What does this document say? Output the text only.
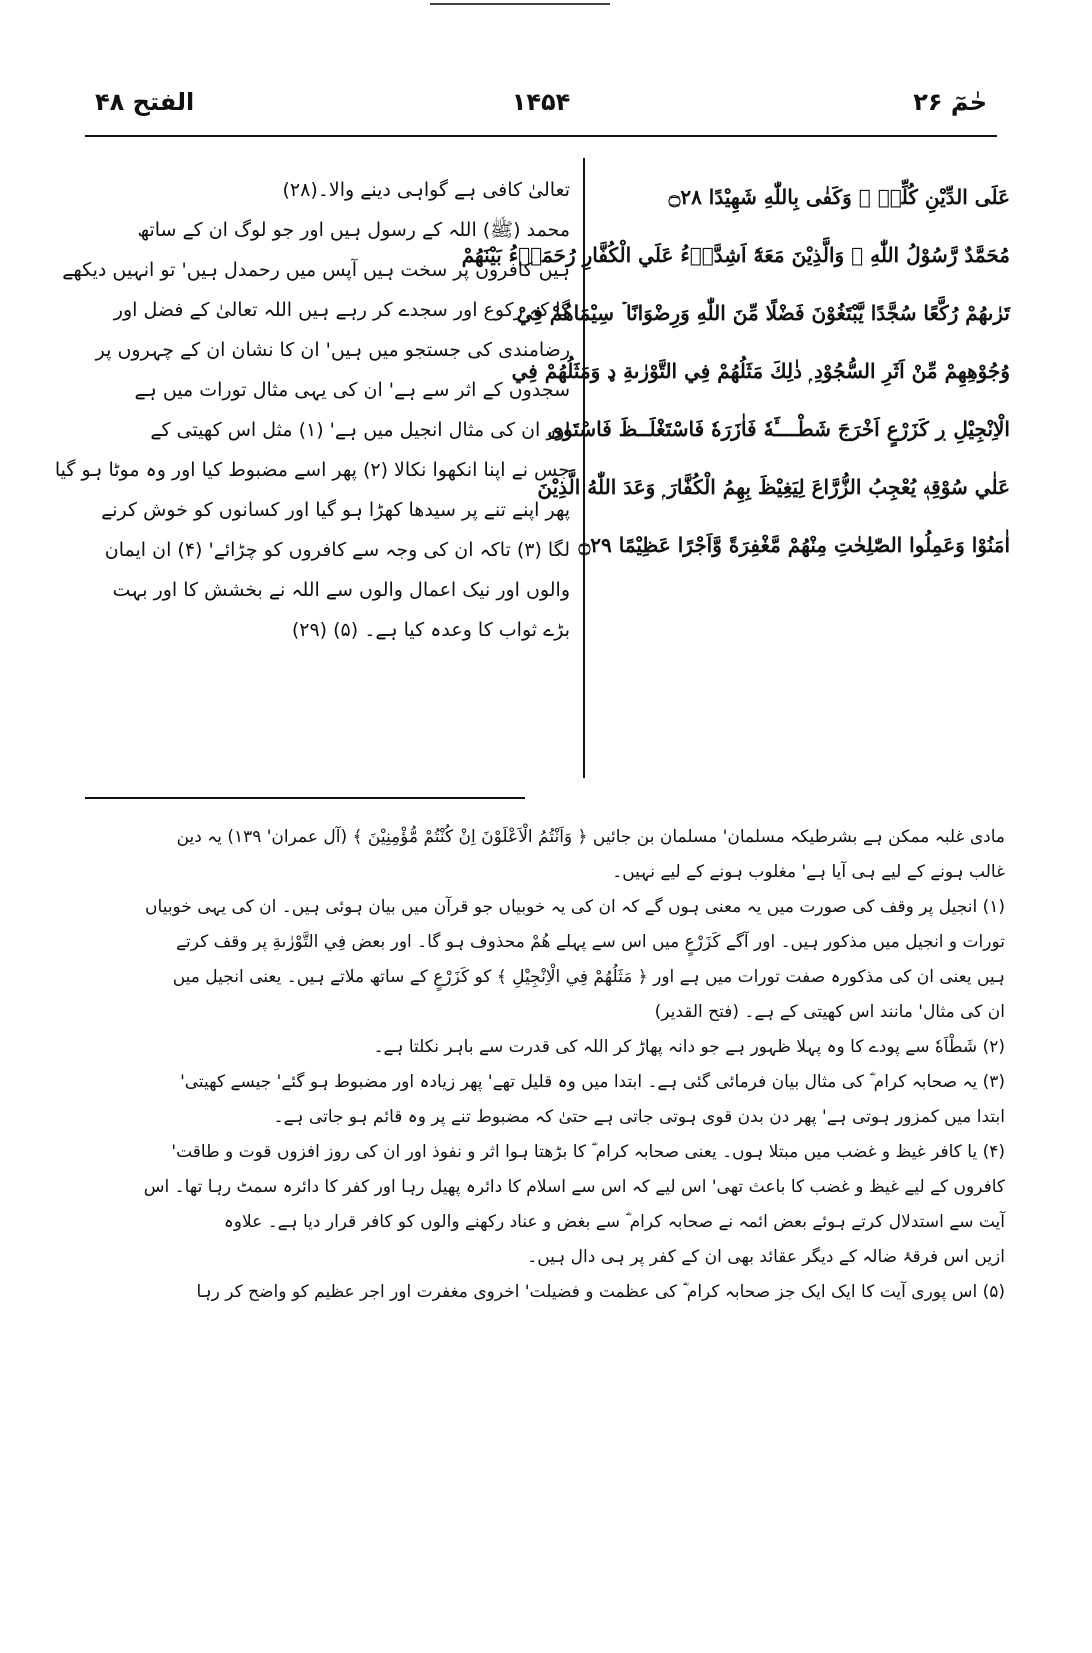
الفتح ۴۸	۱۴۵۴	حٰمٓ ۲۶
عَلَى الدِّيْنِ كُلِّهٖ ۭ وَكَفٰى بِاللّٰهِ شَهِيْدًا ۝۲۸
مُحَمَّدٌ رَّسُوْلُ اللّٰهِ ۭ وَالَّذِيْنَ مَعَهٗٓ اَشِدَّاۗءُ عَلَي الْكُفَّارِ رُحَمَاۗءُ بَيْنَهُمْ
تَرٰىهُمْ رُكَّعًا سُجَّدًا يَّبْتَغُوْنَ فَضْلًا مِّنَ اللّٰهِ وَرِضْوَانًا ۡ سِيْمَاهُمْ فِيْ
وُجُوْهِهِمْ مِّنْ اَثَرِ السُّجُوْدِ ۭ ذٰلِكَ مَثَلُهُمْ فِي التَّوْرٰىةِ ډ وَمَثَلُهُمْ فِي
الْاِنْجِيْلِ ڔ كَزَرْعٍ اَخْرَجَ شَطْــــَٔهٗ فَاٰزَرَهٗ فَاسْتَغْلَــظَ فَاسْتَوٰى
عَلٰي سُوْقِهٖ يُعْجِبُ الزُّرَّاعَ لِيَغِيْظَ بِهِمُ الْكُفَّارَ ۭ وَعَدَ اللّٰهُ الَّذِيْنَ
اٰمَنُوْا وَعَمِلُوا الصّٰلِحٰتِ مِنْهُمْ مَّغْفِرَةً وَّاَجْرًا عَظِيْمًا ۝۲۹
تعالیٰ کافی ہے گواہی دینے والا۔(۲۸)
محمد (ﷺ) اللہ کے رسول ہیں اور جو لوگ ان کے ساتھ
ہیں کافروں پر سخت ہیں آپس میں رحمدل ہیں' تو انہیں دیکھے
گا کہ رکوع اور سجدے کر رہے ہیں اللہ تعالیٰ کے فضل اور
رضامندی کی جستجو میں ہیں' ان کا نشان ان کے چہروں پر
سجدوں کے اثر سے ہے' ان کی یہی مثال تورات میں ہے
اور ان کی مثال انجیل میں ہے' (۱) مثل اس کھیتی کے
جس نے اپنا انکھوا نکالا (۲) پھر اسے مضبوط کیا اور وہ موٹا ہو گیا
پھر اپنے تنے پر سیدھا کھڑا ہو گیا اور کسانوں کو خوش کرنے
لگا (۳) تاکہ ان کی وجہ سے کافروں کو چڑائے' (۴) ان ایمان
والوں اور نیک اعمال والوں سے اللہ نے بخشش کا اور بہت
بڑے ثواب کا وعدہ کیا ہے۔ (۵) (۲۹)
مادی غلبہ ممکن ہے بشرطیکہ مسلمان' مسلمان بن جائیں ﴿ وَاَنْتُمُ الْاَعْلَوْنَ اِنْ كُنْتُمْ مُّؤْمِنِيْنَ ﴾ (آل عمران' ۱۳۹) یہ دین
غالب ہونے کے لیے ہی آیا ہے' مغلوب ہونے کے لیے نہیں۔
(۱) انجیل پر وقف کی صورت میں یہ معنی ہوں گے کہ ان کی یہ خوبیاں جو قرآن میں بیان ہوئی ہیں۔ ان کی یہی خوبیاں
تورات و انجیل میں مذکور ہیں۔ اور آگے كَزَرْعٍ میں اس سے پہلے هُمْ محذوف ہو گا۔ اور بعض فِي التَّوْرٰىةِ پر وقف کرتے
ہیں یعنی ان کی مذکورہ صفت تورات میں ہے اور ﴿ مَثَلُهُمْ فِي الْاِنْجِيْلِ ﴾ کو كَزَرْعٍ کے ساتھ ملاتے ہیں۔ یعنی انجیل میں
ان کی مثال' مانند اس کھیتی کے ہے۔ (فتح القدیر)
(۲) شَطْاَهٗ سے پودے کا وہ پہلا ظہور ہے جو دانہ پھاڑ کر اللہ کی قدرت سے باہر نکلتا ہے۔
(۳) یہ صحابہ کرام ؓ کی مثال بیان فرمائی گئی ہے۔ ابتدا میں وہ قلیل تھے' پھر زیادہ اور مضبوط ہو گئے' جیسے کھیتی'
ابتدا میں کمزور ہوتی ہے' پھر دن بدن قوی ہوتی جاتی ہے حتیٰ کہ مضبوط تنے پر وہ قائم ہو جاتی ہے۔
(۴) یا کافر غیظ و غضب میں مبتلا ہوں۔ یعنی صحابہ کرام ؓ کا بڑھتا ہوا اثر و نفوذ اور ان کی روز افزوں قوت و طاقت'
کافروں کے لیے غیظ و غضب کا باعث تھی' اس لیے کہ اس سے اسلام کا دائرہ پھیل رہا اور کفر کا دائرہ سمٹ رہا تھا۔ اس
آیت سے استدلال کرتے ہوئے بعض ائمہ نے صحابہ کرام ؓ سے بغض و عناد رکھنے والوں کو کافر قرار دیا ہے۔ علاوہ
ازیں اس فرقۂ ضالہ کے دیگر عقائد بھی ان کے کفر پر ہی دال ہیں۔
(۵) اس پوری آیت کا ایک ایک جز صحابہ کرام ؓ کی عظمت و فضیلت' اخروی مغفرت اور اجر عظیم کو واضح کر رہا
